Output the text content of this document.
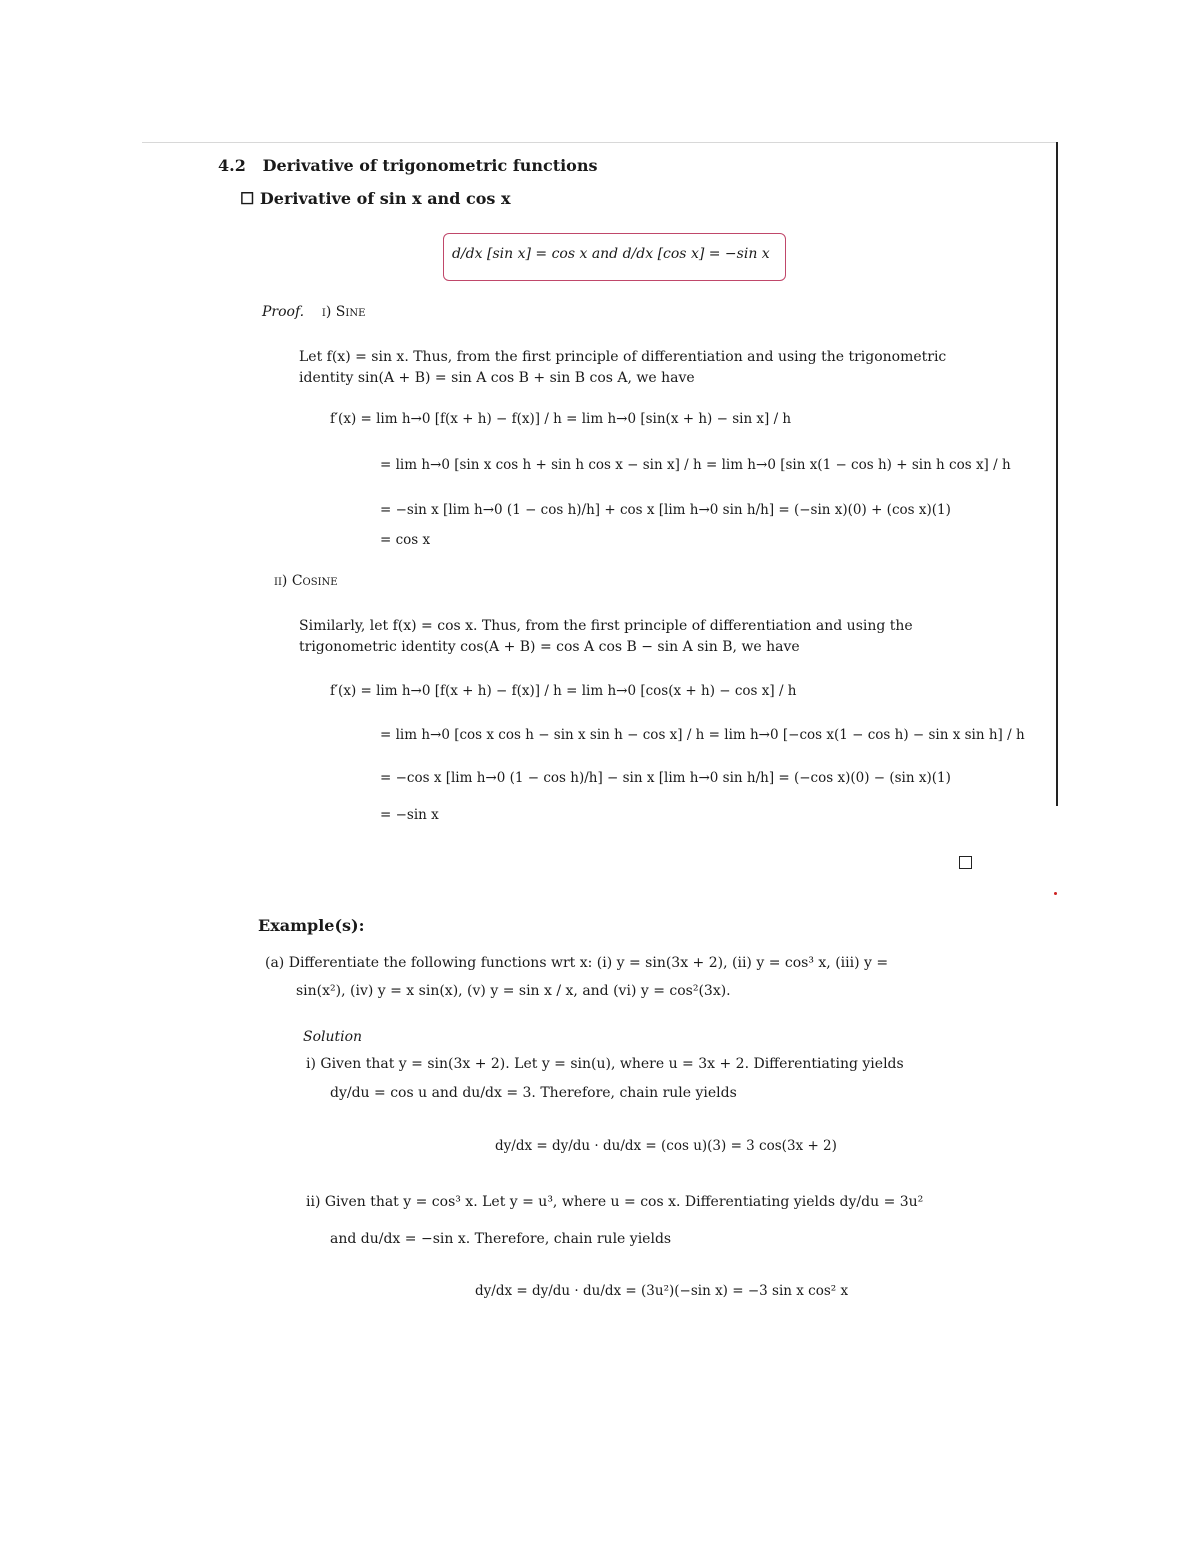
4.2 Derivative of trigonometric functions
☐ Derivative of sin x and cos x
d/dx [sin x] = cos x and d/dx [cos x] = −sin x
Proof. i) Sine
Let f(x) = sin x. Thus, from the first principle of differentiation and using the trigonometric
identity sin(A + B) = sin A cos B + sin B cos A, we have
f′(x) = lim h→0 [f(x + h) − f(x)] / h = lim h→0 [sin(x + h) − sin x] / h
= lim h→0 [sin x cos h + sin h cos x − sin x] / h = lim h→0 [sin x(1 − cos h) + sin h cos x] / h
= −sin x [lim h→0 (1 − cos h)/h] + cos x [lim h→0 sin h/h] = (−sin x)(0) + (cos x)(1)
= cos x
ii) Cosine
Similarly, let f(x) = cos x. Thus, from the first principle of differentiation and using the
trigonometric identity cos(A + B) = cos A cos B − sin A sin B, we have
f′(x) = lim h→0 [f(x + h) − f(x)] / h = lim h→0 [cos(x + h) − cos x] / h
= lim h→0 [cos x cos h − sin x sin h − cos x] / h = lim h→0 [−cos x(1 − cos h) − sin x sin h] / h
= −cos x [lim h→0 (1 − cos h)/h] − sin x [lim h→0 sin h/h] = (−cos x)(0) − (sin x)(1)
= −sin x
Example(s):
(a) Differentiate the following functions wrt x: (i) y = sin(3x + 2), (ii) y = cos³ x, (iii) y =
sin(x²), (iv) y = x sin(x), (v) y = sin x / x, and (vi) y = cos²(3x).
Solution
i) Given that y = sin(3x + 2). Let y = sin(u), where u = 3x + 2. Differentiating yields
dy/du = cos u and du/dx = 3. Therefore, chain rule yields
dy/dx = dy/du · du/dx = (cos u)(3) = 3 cos(3x + 2)
ii) Given that y = cos³ x. Let y = u³, where u = cos x. Differentiating yields dy/du = 3u²
and du/dx = −sin x. Therefore, chain rule yields
dy/dx = dy/du · du/dx = (3u²)(−sin x) = −3 sin x cos² x
